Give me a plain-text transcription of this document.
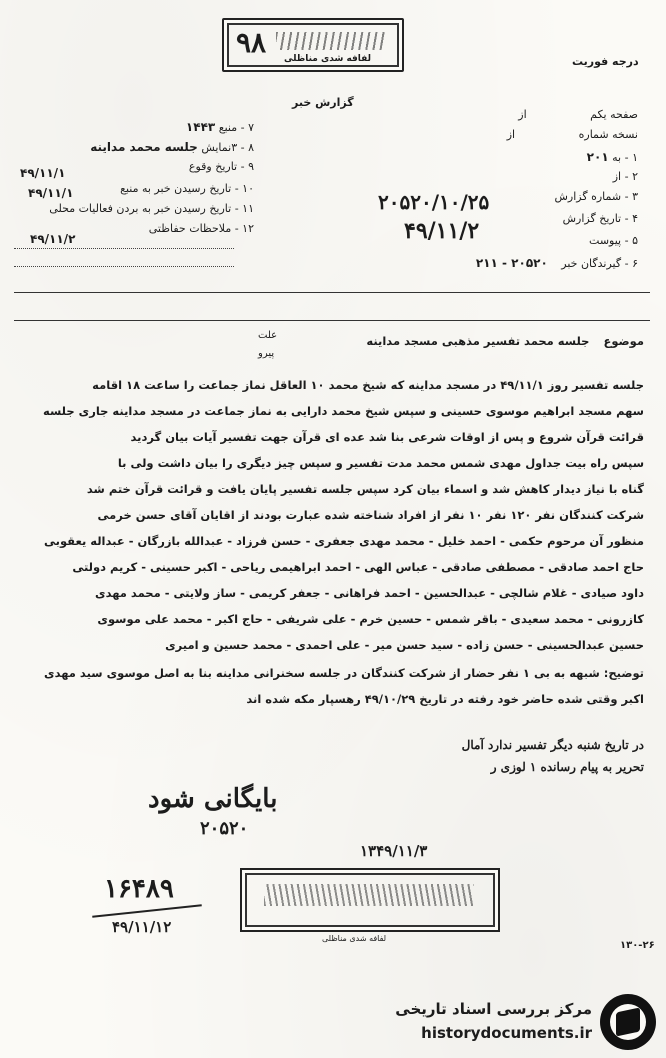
درجه فوریت
۹۸ لفافه شدی مناظلی
گزارش خبر
۷ - منبع ۱۴۴۳
۸ - ۳نمایش جلسه محمد مداینه
۹ - تاریخ وقوع
۴۹/۱۱/۱
۱۰ - تاریخ رسیدن خبر به منبع
۴۹/۱۱/۱
۱۱ - تاریخ رسیدن خبر به بردن فعالیات محلی
۱۲ - ملاحظات حفاظتی
۴۹/۱۱/۲
صفحه یکم از
نسخه شماره از
۱ - به ۲۰۱
۲ - از
۳ - شماره گزارش
۲۰۵۲۰/۱۰/۲۵
۴ - تاریخ گزارش
۴۹/۱۱/۲	۵ - پیوست
۶ - گیرندگان خبر ۲۰۵۲۰ - ۲۱۱
موضوع جلسه محمد تفسیر مذهبی مسجد مداینه
علت
پیرو
جلسه تفسیر روز ۴۹/۱۱/۱ در مسجد مداینه که شیخ محمد ۱۰ العاقل نماز جماعت را ساعت ۱۸ اقامه
سهم مسجد ابراهیم موسوی حسینی و سپس شیخ محمد دارایی به نماز جماعت در مسجد مداینه جاری جلسه
قرائت قرآن شروع و پس از اوقات شرعی بنا شد عده ای قرآن جهت تفسیر آیات بیان گردید
سپس راه بیت جداول مهدی شمس محمد مدت تفسیر و سپس چیز دیگری را بیان داشت ولی با
گناه با نیاز دیدار کاهش شد و اسماء بیان کرد سپس جلسه تفسیر پایان یافت و قرائت قرآن ختم شد
شرکت کنندگان نفر ۱۲۰ نفر ۱۰ نفر از افراد شناخته شده عبارت بودند از اقایان آقای حسن خرمی
منظور آن مرحوم حکمی - احمد خلیل - محمد مهدی جعفری - حسن فرزاد - عبدالله بازرگان - عبداله یعقوبی
حاج احمد صادقی - مصطفی صادقی - عباس الهی - احمد ابراهیمی ریاحی - اکبر حسینی - کریم دولتی
داود صیادی - غلام شالچی - عبدالحسین - احمد فراهانی - جعفر کریمی - ساز ولایتی - محمد مهدی
کازرونی - محمد سعیدی - باقر شمس - حسین خرم - علی شریفی - حاج اکبر - محمد علی موسوی
حسین عبدالحسینی - حسن زاده - سید حسن میر - علی احمدی - محمد حسین و امیری
توضیح: شبهه به بی ۱ نفر حضار از شرکت کنندگان در جلسه سخنرانی مداینه بنا به اصل موسوی سید مهدی
اکبر وقتی شده حاضر خود رفته در تاریخ ۴۹/۱۰/۲۹ رهسپار مکه شده اند
در تاریخ شنبه دیگر تفسیر ندارد آمال
تحریر به پیام رسانده ۱ لوزی ر
بایگانی شود
۲۰۵۲۰
۱۳۴۹/۱۱/۳
۱۶۴۸۹
۴۹/۱۱/۱۲
لفافه شدی مناظلی
۱۳۰-۲۶
مرکز بررسی اسناد تاریخی
historydocuments.ir
